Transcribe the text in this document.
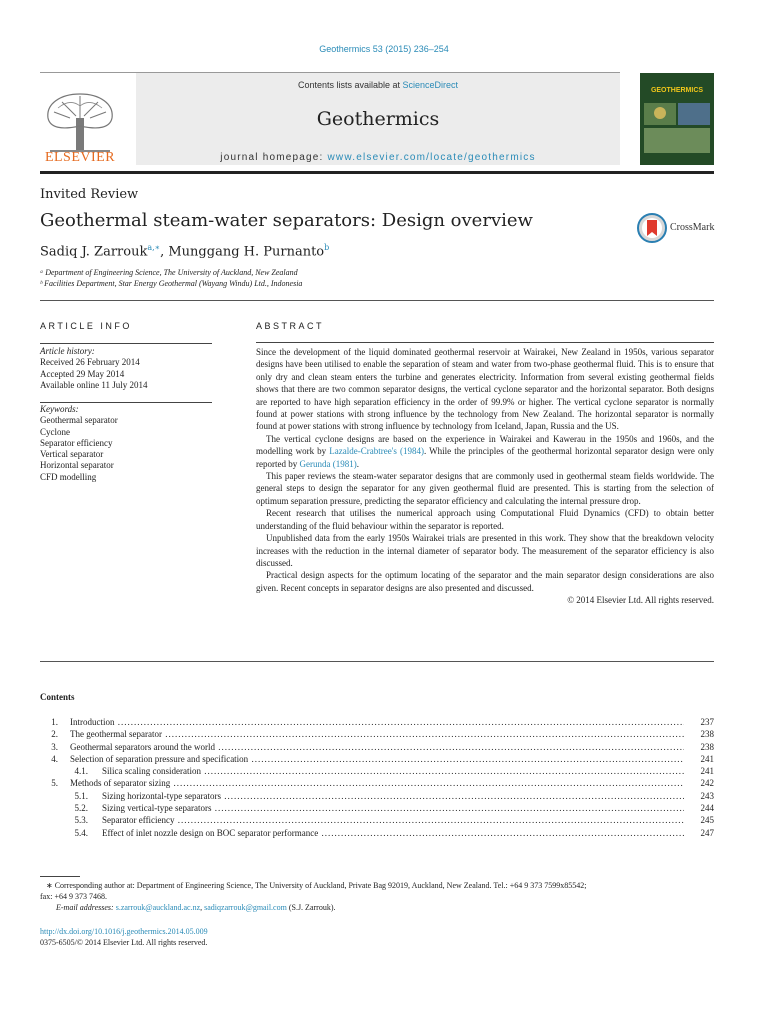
Geothermics 53 (2015) 236–254
Contents lists available at ScienceDirect
Geothermics
journal homepage: www.elsevier.com/locate/geothermics
ELSEVIER
GEOTHERMICS
Invited Review
Geothermal steam-water separators: Design overview
Sadiq J. Zarrouk$^{a,∗}$, Munggang H. Purnanto$^b$
ᵃ Department of Engineering Science, The University of Auckland, New Zealand
ᵇ Facilities Department, Star Energy Geothermal (Wayang Windu) Ltd., Indonesia
CrossMark
ARTICLE INFO
Article history:
Received 26 February 2014
Accepted 29 May 2014
Available online 11 July 2014
Keywords:
Geothermal separator
Cyclone
Separator efficiency
Vertical separator
Horizontal separator
CFD modelling
ABSTRACT

Since the development of the liquid dominated geothermal reservoir at Wairakei, New Zealand in 1950s, various separator designs have been utilised to enable the separation of steam and water from two-phase geothermal fluid. This is to ensure that only dry and clean steam enters the turbine and generates electricity. Information from several existing geothermal fields shows that there are two common separator designs, the vertical cyclone separator and the horizontal separator. Both designs are reported to have high separation efficiency in the order of 99.9% or higher. The vertical cyclone separator is normally found at power stations with strong influence by the technology from New Zealand. The horizontal separator is normally found at power stations with strong influence by technology from Iceland, Japan, Russia and the US.

The vertical cyclone designs are based on the experience in Wairakei and Kawerau in the 1950s and 1960s, and the modelling work by Lazalde-Crabtree's (1984). While the principles of the geothermal horizontal separator design were only reported by Gerunda (1981).

This paper reviews the steam-water separator designs that are commonly used in geothermal steam fields worldwide. The general steps to design the separator for any given geothermal fluid are presented. This is starting from the selection of optimum separation pressure, predicting the separator efficiency and calculating the internal pressure drop.

Recent research that utilises the numerical approach using Computational Fluid Dynamics (CFD) to obtain better understanding of the fluid behaviour within the separator is reported.

Unpublished data from the early 1950s Wairakei trials are presented in this work. They show that the breakdown velocity increases with the reduction in the internal diameter of separator body. The measurement of the separator efficiency is also discussed.

Practical design aspects for the optimum locating of the separator and the main separator design considerations are also given. Recent concepts in separator designs are also presented and discussed.

© 2014 Elsevier Ltd. All rights reserved.

Contents
1.	Introduction .....	237
2.	The geothermal separator .....	238
3.	Geothermal separators around the world .....	238
4.	Selection of separation pressure and specification .....	241
4.1.	Silica scaling consideration .....	241
5.	Methods of separator sizing .....	242
5.1.	Sizing horizontal-type separators .....	243
5.2.	Sizing vertical-type separators .....	244
5.3.	Separator efficiency .....	245
5.4.	Effect of inlet nozzle design on BOC separator performance .....	247
∗ Corresponding author at: Department of Engineering Science, The University of Auckland, Private Bag 92019, Auckland, New Zealand. Tel.: +64 9 373 7599x85542;
fax: +64 9 373 7468.
E-mail addresses: s.zarrouk@auckland.ac.nz, sadiqzarrouk@gmail.com (S.J. Zarrouk).
http://dx.doi.org/10.1016/j.geothermics.2014.05.009
0375-6505/© 2014 Elsevier Ltd. All rights reserved.
